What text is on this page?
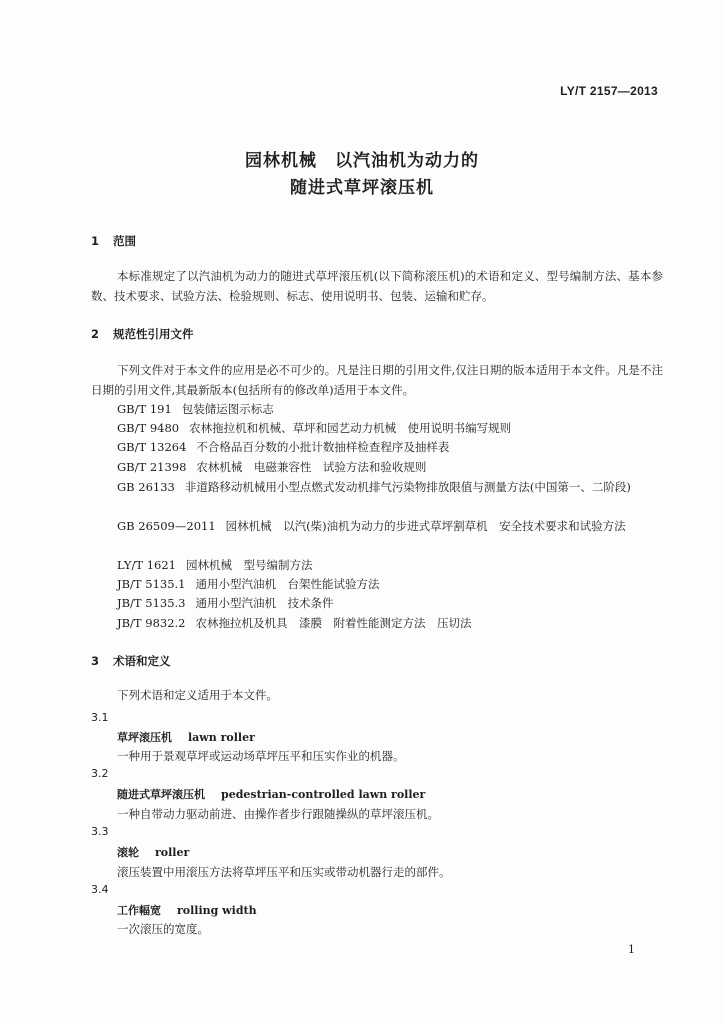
LY/T 2157—2013
园林机械　以汽油机为动力的
随进式草坪滚压机
1 范围
本标准规定了以汽油机为动力的随进式草坪滚压机(以下简称滚压机)的术语和定义、型号编制方法、基本参数、技术要求、试验方法、检验规则、标志、使用说明书、包装、运输和贮存。
2 规范性引用文件
下列文件对于本文件的应用是必不可少的。凡是注日期的引用文件,仅注日期的版本适用于本文件。凡是不注日期的引用文件,其最新版本(包括所有的修改单)适用于本文件。
GB/T 191 包装储运图示标志
GB/T 9480 农林拖拉机和机械、草坪和园艺动力机械　使用说明书编写规则
GB/T 13264 不合格品百分数的小批计数抽样检查程序及抽样表
GB/T 21398 农林机械　电磁兼容性　试验方法和验收规则
GB 26133 非道路移动机械用小型点燃式发动机排气污染物排放限值与测量方法(中国第一、二阶段)
GB 26509—2011 园林机械　以汽(柴)油机为动力的步进式草坪割草机　安全技术要求和试验方法
LY/T 1621 园林机械　型号编制方法
JB/T 5135.1 通用小型汽油机　台架性能试验方法
JB/T 5135.3 通用小型汽油机　技术条件
JB/T 9832.2 农林拖拉机及机具　漆膜　附着性能测定方法　压切法
3 术语和定义
下列术语和定义适用于本文件。
3.1
草坪滚压机 lawn roller
一种用于景观草坪或运动场草坪压平和压实作业的机器。
3.2
随进式草坪滚压机 pedestrian-controlled lawn roller
一种自带动力驱动前进、由操作者步行跟随操纵的草坪滚压机。
3.3
滚轮 roller
滚压装置中用滚压方法将草坪压平和压实或带动机器行走的部件。
3.4
工作幅宽 rolling width
一次滚压的宽度。
1
